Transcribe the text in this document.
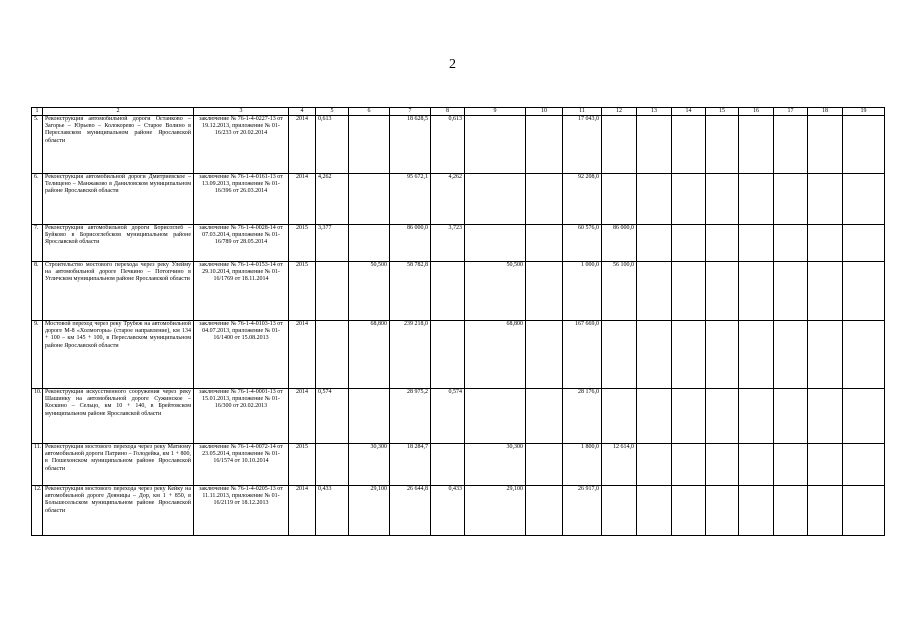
2
1	2	3	4	5	6	7	8	9	10	11	12	13	14	15	16	17	18	19
5.	Реконструкция автомобильной дороги Останково – Загорье – Юрьево – Колокорево – Старое Волино в Переславском муниципальном районе Ярославской области	заключение № 76-1-4-0227-13 от 19.12.2013, приложение № 01-16/233 от 20.02.2014	2014	0,613		18 628,5	0,613			17 043,0								
6.	Реконструкция автомобильной дороги Дмитриевское – Телищено – Манжаково в Даниловском муниципальном районе Ярославской области	заключение № 76-1-4-0161-13 от 13.09.2013, приложение № 01-16/396 от 26.03.2014	2014	4,262		95 672,1	4,262			92 208,0								
7.	Реконструкция автомобильной дороги Борисоглеб – Буйково в Борисоглебском муниципальном районе Ярославской области	заключение № 76-1-4-0028-14 от 07.03.2014, приложение № 01-16/789 от 28.05.2014	2015	3,377		86 000,0	3,723			60 576,0	86 000,0							
8.	Строительство мостового перехода через реку Улейму на автомобильной дороге Печкино – Потопчино в Угличском муниципальном районе Ярославской области	заключение № 76-1-4-0153-14 от 29.10.2014, приложение № 01-16/1769 от 18.11.2014	2015		50,500	58 782,8		50,500		1 000,0	56 100,0							
9.	Мостовой переход через реку Трубеж на автомобильной дороге М-8 «Холмогоры» (старое направление), км 134 + 100 – км 145 + 100, в Переславском муниципальном районе Ярославской области	заключение № 76-1-4-0103-13 от 04.07.2013, приложение № 01-16/1400 от 15.08.2013	2014		68,800	239 218,0		68,800		167 669,0								
10.	Реконструкция искусственного сооружения через реку Шашинку на автомобильной дороге Сужинское – Коскино – Сельцо, км 10 + 140, в Брейтовском муниципальном районе Ярославской области	заключение № 76-1-4-0001-13 от 15.01.2013, приложение № 01-16/300 от 20.02.2013	2014	0,574		28 975,2	0,574			28 176,0								
11.	Реконструкция мостового перехода через реку Матиому автомобильной дороги Патрино – Голодейка, км 1 + 800, в Пошехонском муниципальном районе Ярославской области	заключение № 76-1-4-0072-14 от 23.05.2014, приложение № 01-16/1574 от 10.10.2014	2015		30,300	18 284,7		30,300		1 800,0	12 614,0							
12.	Реконструкция мостового перехода через реку Кейку на автомобильной дороге Деяницы – Дор, км 1 + 850, в Большесельском муниципальном районе Ярославской области	заключение № 76-1-4-0205-13 от 11.11.2013, приложение № 01-16/2119 от 18.12.2013	2014	0,433	29,100	26 644,8	0,433	29,100		26 917,0								
